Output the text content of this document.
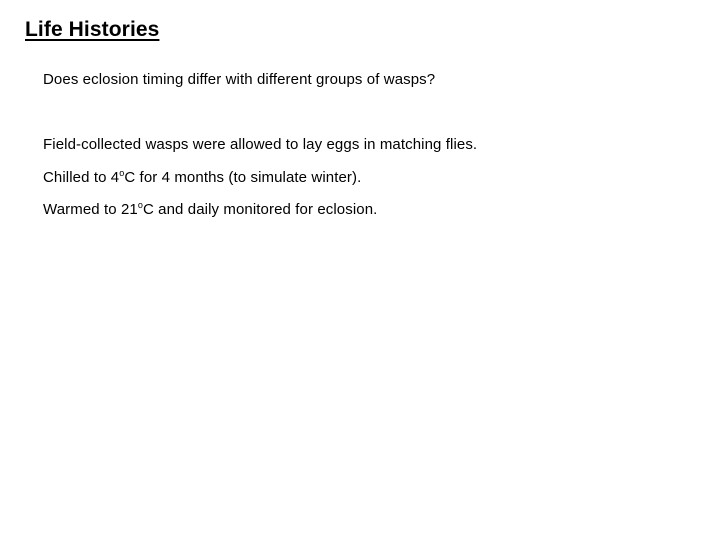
Life Histories
Does eclosion timing differ with different groups of wasps?
Field-collected wasps were allowed to lay eggs in matching flies.
Chilled to 4$^o$C for 4 months (to simulate winter).
Warmed to 21$^o$C and daily monitored for eclosion.
